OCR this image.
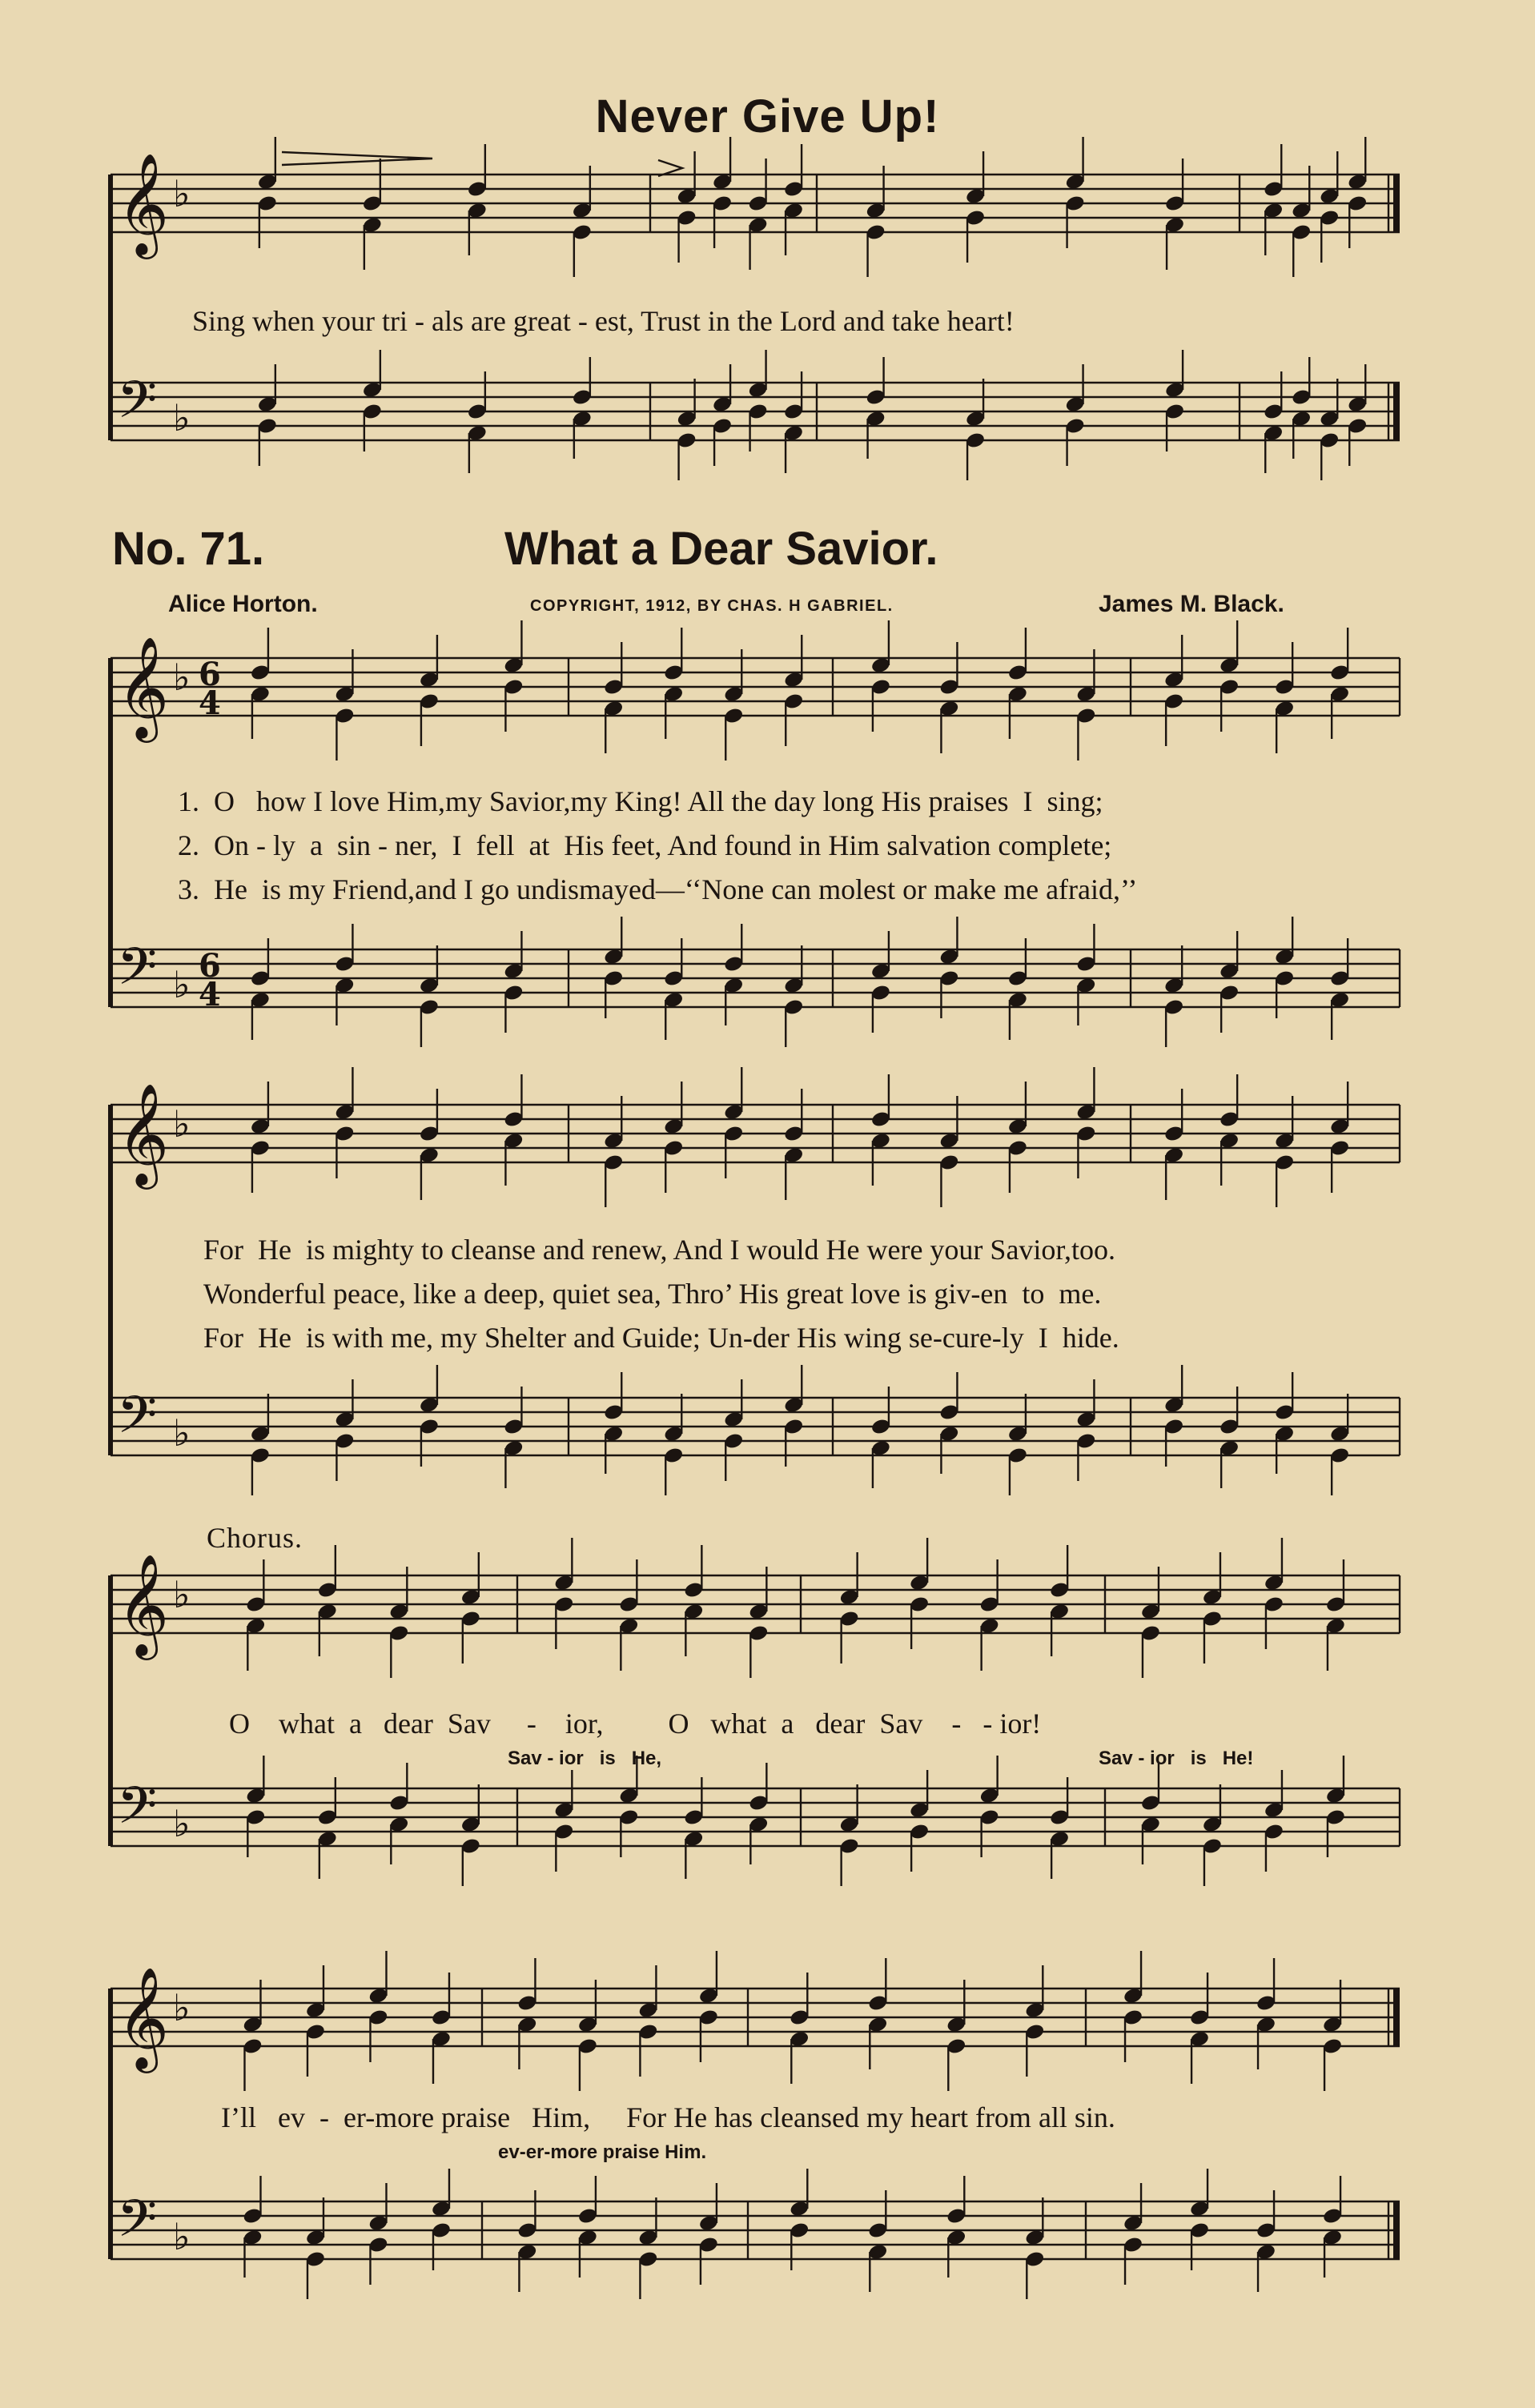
𝄞 ♭
𝄢 ♭
𝄞 ♭ 6
4
𝄢 ♭ 6
4
𝄞 ♭
𝄢 ♭
𝄞 ♭
𝄢 ♭
𝄞 ♭
𝄢 ♭
Never Give Up!
Sing when your tri - als are great - est, Trust in the Lord and take heart!
No. 71.	What a Dear Savior.
Alice Horton.	COPYRIGHT, 1912, BY CHAS. H GABRIEL.	James M. Black.
1.  O   how I love Him,my Savior,my King! All the day long His praises  I  sing;
2.  On - ly  a  sin - ner,  I  fell  at  His feet, And found in Him salvation complete;
3.  He  is my Friend,and I go undismayed—‘‘None can molest or make me afraid,’’
For  He  is mighty to cleanse and renew, And I would He were your Savior,too.
Wonderful peace, like a deep, quiet sea, Thro’ His great love is giv-en  to  me.
For  He  is with me, my Shelter and Guide; Un-der His wing se-cure-ly  I  hide.
Chorus.
O    what  a   dear  Sav     -    ior,         O   what  a   dear  Sav    -   - ior!
Sav - ior   is   He,	Sav - ior   is   He!
I’ll   ev  -  er-more praise   Him,     For He has cleansed my heart from all sin.
ev-er-more praise Him.
